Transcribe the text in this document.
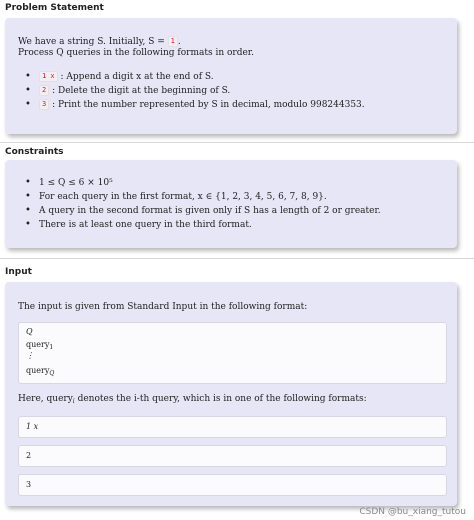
Problem Statement
We have a string S. Initially, S = 1 .
Process Q queries in the following formats in order.
• 1 x : Append a digit x at the end of S.
• 2 : Delete the digit at the beginning of S.
• 3 : Print the number represented by S in decimal, modulo 998244353.
Constraints
• 1 ≤ Q ≤ 6 × 10⁵
• For each query in the first format, x ∈ {1, 2, 3, 4, 5, 6, 7, 8, 9}.
• A query in the second format is given only if S has a length of 2 or greater.
• There is at least one query in the third format.
Input
The input is given from Standard Input in the following format:
Q
query$_1$
⋮
query$_Q$
Here, query$_i$ denotes the i-th query, which is in one of the following formats:
1 x
2
3
CSDN @bu_xiang_tutou
